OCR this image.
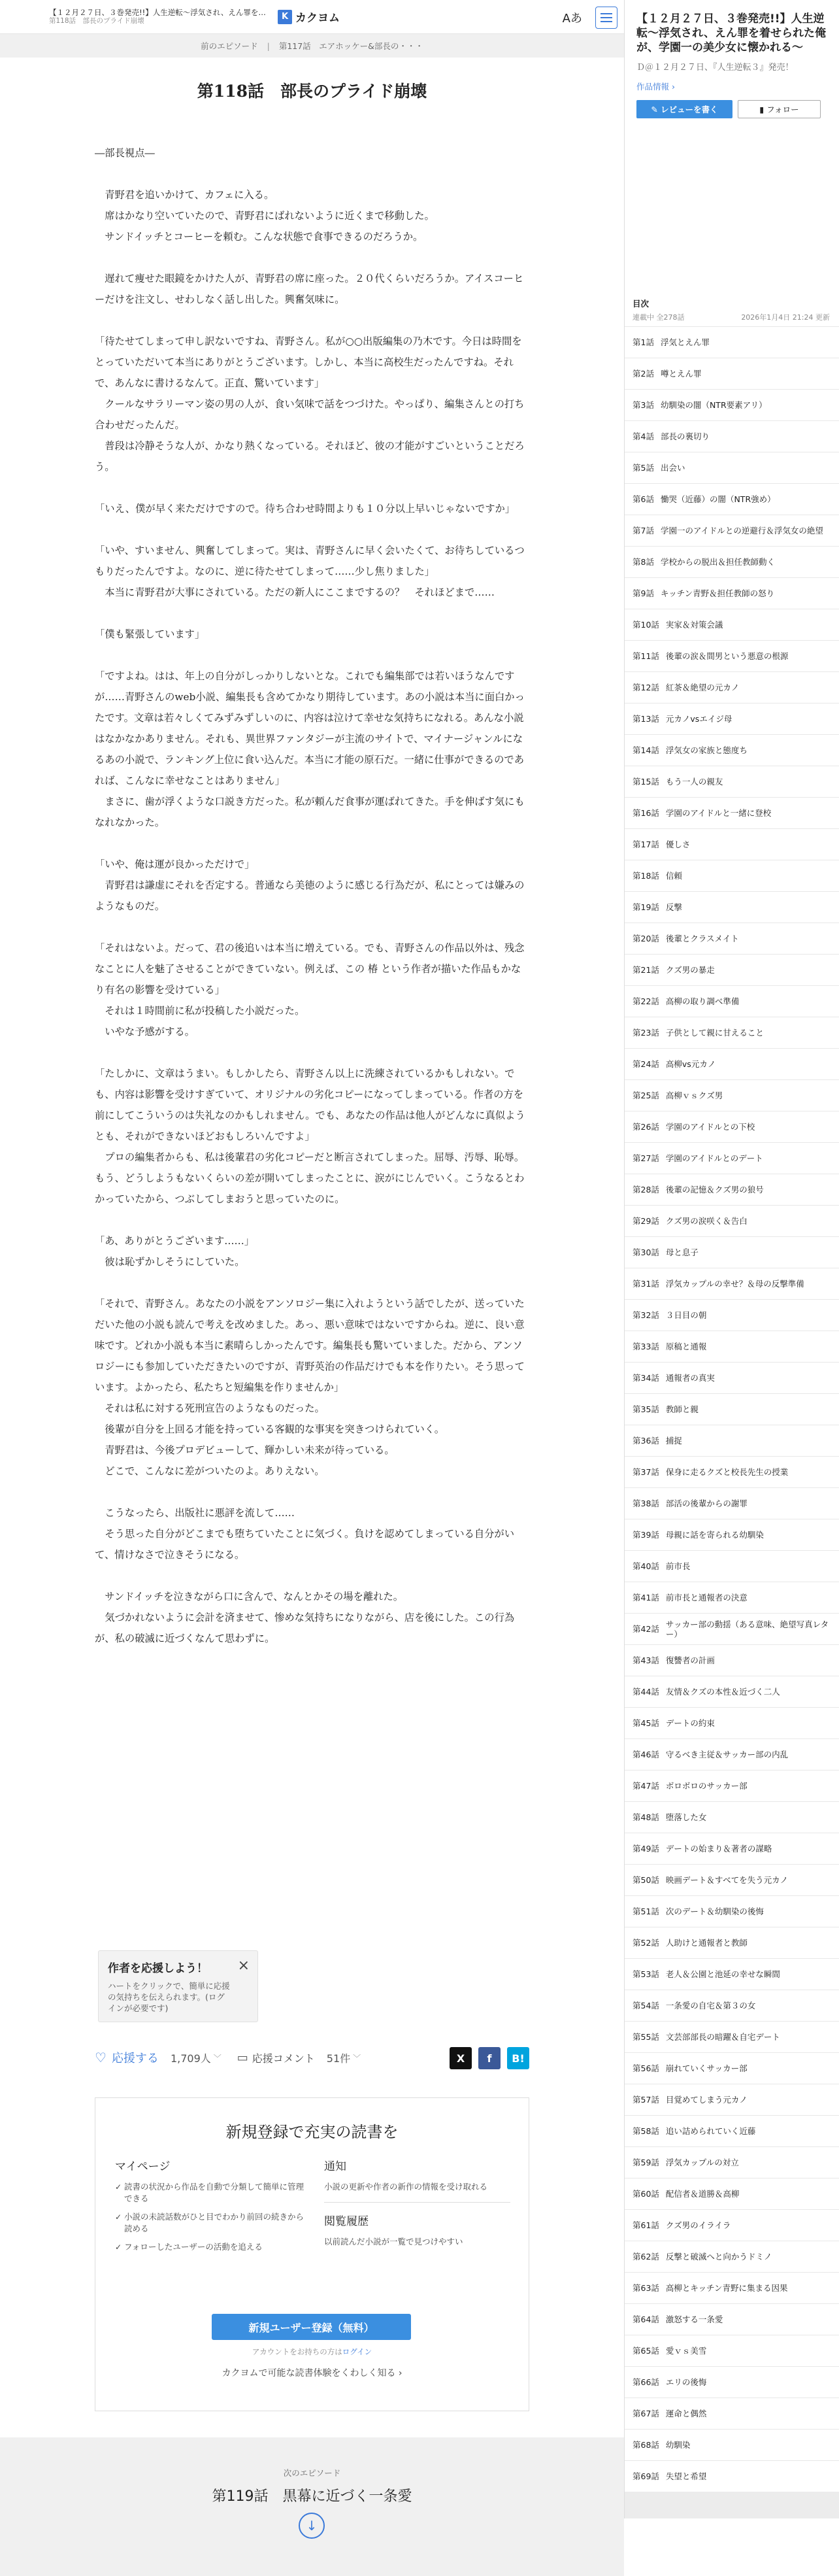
【１２月２７日、３巻発売!!】人生逆転〜浮気され、えん罪を…
第118話　部長のプライド崩壊	K カクヨム	Aあ
前のエピソード | 第117話　エアホッケー&部長の・・・
第118話　部長のプライド崩壊

―部長視点―

　青野君を追いかけて、カフェに入る。

　席はかなり空いていたので、青野君にばれないように近くまで移動した。

　サンドイッチとコーヒーを頼む。こんな状態で食事できるのだろうか。

　遅れて痩せた眼鏡をかけた人が、青野君の席に座った。２０代くらいだろうか。アイスコーヒーだけを注文し、せわしなく話し出した。興奮気味に。

「待たせてしまって申し訳ないですね、青野さん。私が○○出版編集の乃木です。今日は時間をとっていただいて本当にありがとうございます。しかし、本当に高校生だったんですね。それで、あんなに書けるなんて。正直、驚いています」

　クールなサラリーマン姿の男の人が、食い気味で話をつづけた。やっぱり、編集さんとの打ち合わせだったんだ。

　普段は冷静そうな人が、かなり熱くなっている。それほど、彼の才能がすごいということだろう。

「いえ、僕が早く来ただけですので。待ち合わせ時間よりも１０分以上早いじゃないですか」

「いや、すいません、興奮してしまって。実は、青野さんに早く会いたくて、お待ちしているつもりだったんですよ。なのに、逆に待たせてしまって……少し焦りました」

　本当に青野君が大事にされている。ただの新人にここまでするの？　それほどまで……

「僕も緊張しています」

「ですよね。はは、年上の自分がしっかりしないとな。これでも編集部では若いほうなんですが……青野さんのweb小説、編集長も含めてかなり期待しています。あの小説は本当に面白かったです。文章は若々しくてみずみずしいのに、内容は泣けて幸せな気持ちになれる。あんな小説はなかなかありません。それも、異世界ファンタジーが主流のサイトで、マイナージャンルになるあの小説で、ランキング上位に食い込んだ。本当に才能の原石だ。一緒に仕事ができるのであれば、こんなに幸せなことはありません」

　まさに、歯が浮くような口説き方だった。私が頼んだ食事が運ばれてきた。手を伸ばす気にもなれなかった。

「いや、俺は運が良かっただけで」

　青野君は謙虚にそれを否定する。普通なら美徳のように感じる行為だが、私にとっては嫌みのようなものだ。

「それはないよ。だって、君の後追いは本当に増えている。でも、青野さんの作品以外は、残念なことに人を魅了させることができていない。例えば、この 椿 という作者が描いた作品もかなり有名の影響を受けている」

　それは１時間前に私が投稿した小説だった。

　いやな予感がする。

「たしかに、文章はうまい。もしかしたら、青野さん以上に洗練されているかもしれない。でも、内容は影響を受けすぎていて、オリジナルの劣化コピーになってしまっている。作者の方を前にしてこういうのは失礼なのかもしれません。でも、あなたの作品は他人がどんなに真似ようとも、それができないほどおもしろいんですよ」

　プロの編集者からも、私は後輩君の劣化コピーだと断言されてしまった。屈辱、汚辱、恥辱。もう、どうしようもないくらいの差が開いてしまったことに、涙がにじんでいく。こうなるとわかっていたから、つぶしてしまおうと思っていたのに。

「あ、ありがとうございます……」

　彼は恥ずかしそうにしていた。

「それで、青野さん。あなたの小説をアンソロジー集に入れようという話でしたが、送っていただいた他の小説も読んで考えを改めました。あっ、悪い意味ではないですからね。逆に、良い意味です。どれか小説も本当に素晴らしかったんです。編集長も驚いていました。だから、アンソロジーにも参加していただきたいのですが、青野英治の作品だけでも本を作りたい。そう思っています。よかったら、私たちと短編集を作りませんか」

　それは私に対する死刑宣告のようなものだった。

　後輩が自分を上回る才能を持っている客観的な事実を突きつけられていく。

　青野君は、今後プロデビューして、輝かしい未来が待っている。

　どこで、こんなに差がついたのよ。ありえない。

　こうなったら、出版社に悪評を流して……

　そう思った自分がどこまでも堕ちていたことに気づく。負けを認めてしまっている自分がいて、情けなさで泣きそうになる。

　サンドイッチを泣きながら口に含んで、なんとかその場を離れた。

　気づかれないように会計を済ませて、惨めな気持ちになりながら、店を後にした。この行為が、私の破滅に近づくなんて思わずに。

作者を応援しよう！
ハートをクリックで、簡単に応援の気持ちを伝えられます。(ログインが必要です)
×
♡ 応援する 1,709人 ﹀ ▭ 応援コメント 51件 ﹀	X	f	B!
新規登録で充実の読書を
マイページ
✓ 読書の状況から作品を自動で分類して簡単に管理できる
✓ 小説の未読話数がひと目でわかり前回の続きから読める
✓ フォローしたユーザーの活動を追える
通知
小説の更新や作者の新作の情報を受け取れる
閲覧履歴
以前読んだ小説が一覧で見つけやすい
新規ユーザー登録（無料）
アカウントをお持ちの方はログイン
カクヨムで可能な読書体験をくわしく知る ›
次のエピソード
第119話　黒幕に近づく一条愛
↓
【１２月２７日、３巻発売!!】人生逆転〜浮気され、えん罪を着せられた俺が、学園一の美少女に懐かれる〜
Ｄ＠１２月２７日、『人生逆転３』発売！
作品情報 ›
✎ レビューを書く	▮ フォロー
目次
連載中 全278話	2026年1月4日 21:24 更新
第1話 浮気とえん罪
第2話 噂とえん罪
第3話 幼馴染の闇（NTR要素アリ）
第4話 部長の裏切り
第5話 出会い
第6話 慟哭（近藤）の闇（NTR強め）
第7話 学園一のアイドルとの逆避行＆浮気女の絶望
第8話 学校からの脱出＆担任教師動く
第9話 キッチン青野＆担任教師の怒り
第10話 実家＆対策会議
第11話 後輩の涙＆間男という悪意の根源
第12話 紅茶＆絶望の元カノ
第13話 元カノvsエイジ母
第14話 浮気女の家族と態度ち
第15話 もう一人の親友
第16話 学園のアイドルと一緒に登校
第17話 優しさ
第18話 信頼
第19話 反撃
第20話 後輩とクラスメイト
第21話 クズ男の暴走
第22話 高柳の取り調べ準備
第23話 子供として親に甘えること
第24話 高柳vs元カノ
第25話 高柳ｖｓクズ男
第26話 学園のアイドルとの下校
第27話 学園のアイドルとのデート
第28話 後輩の記憶＆クズ男の狼号
第29話 クズ男の涙咲く＆告白
第30話 母と息子
第31話 浮気カップルの幸せ？＆母の反撃準備
第32話 ３日目の朝
第33話 原稿と通報
第34話 通報者の真実
第35話 教師と親
第36話 捕捉
第37話 保身に走るクズと校長先生の授業
第38話 部活の後輩からの謝罪
第39話 母親に話を寄られる幼馴染
第40話 前市長
第41話 前市長と通報者の決意
第42話 サッカー部の動揺（ある意味、絶望写真レター）
第43話 復讐者の計画
第44話 友情＆クズの本性＆近づく二人
第45話 デートの約束
第46話 守るべき主従＆サッカー部の内乱
第47話 ボロボロのサッカー部
第48話 堕落した女
第49話 デートの始まり＆著者の謀略
第50話 映画デート＆すべてを失う元カノ
第51話 次のデート＆幼馴染の後悔
第52話 人助けと通報者と教師
第53話 老人＆公園と池延の幸せな瞬間
第54話 一条愛の自宅＆第３の女
第55話 文芸部部長の暗躍＆自宅デート
第56話 崩れていくサッカー部
第57話 目覚めてしまう元カノ
第58話 追い詰められていく近藤
第59話 浮気カップルの対立
第60話 配信者＆道勝＆高柳
第61話 クズ男のイライラ
第62話 反撃と破滅へと向かうドミノ
第63話 高柳とキッチン青野に集まる因果
第64話 激怒する一条愛
第65話 愛ｖｓ美雪
第66話 エリの後悔
第67話 運命と偶然
第68話 幼馴染
第69話 失望と希望
